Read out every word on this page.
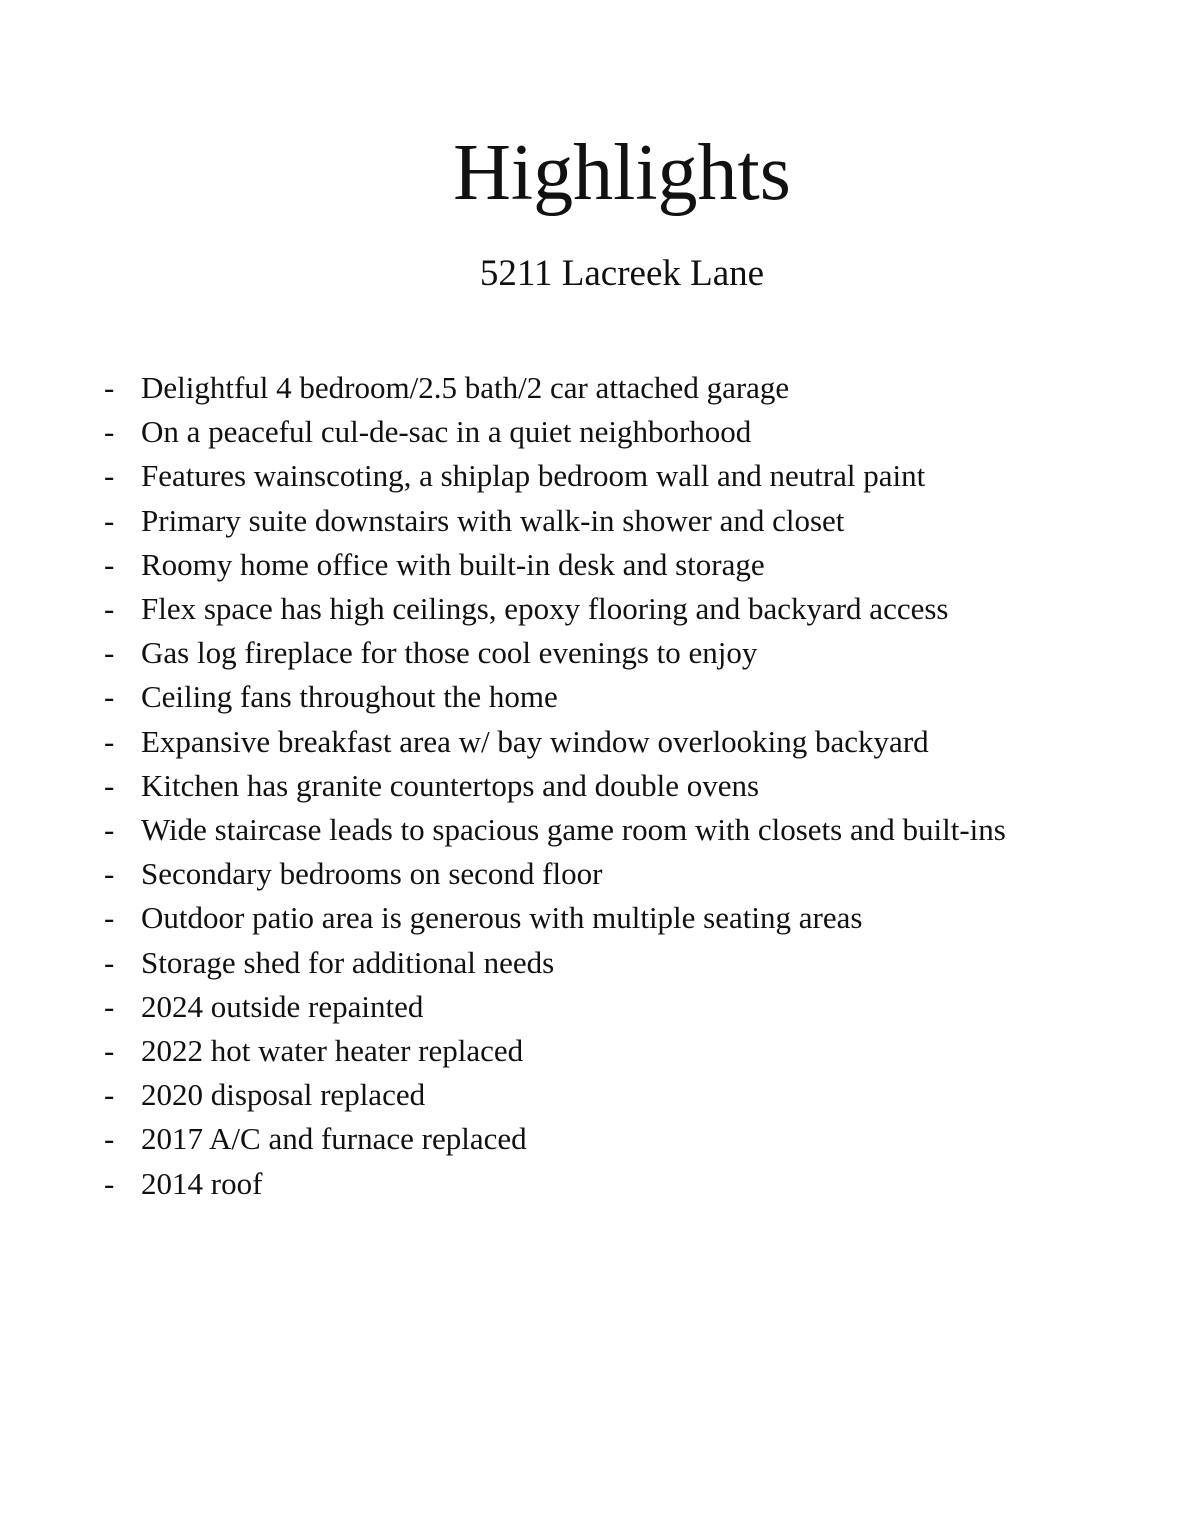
Highlights
5211 Lacreek Lane
- Delightful 4 bedroom/2.5 bath/2 car attached garage
- On a peaceful cul-de-sac in a quiet neighborhood
- Features wainscoting, a shiplap bedroom wall and neutral paint
- Primary suite downstairs with walk-in shower and closet
- Roomy home office with built-in desk and storage
- Flex space has high ceilings, epoxy flooring and backyard access
- Gas log fireplace for those cool evenings to enjoy
- Ceiling fans throughout the home
- Expansive breakfast area w/ bay window overlooking backyard
- Kitchen has granite countertops and double ovens
- Wide staircase leads to spacious game room with closets and built-ins
- Secondary bedrooms on second floor
- Outdoor patio area is generous with multiple seating areas
- Storage shed for additional needs
- 2024 outside repainted
- 2022 hot water heater replaced
- 2020 disposal replaced
- 2017 A/C and furnace replaced
- 2014 roof
